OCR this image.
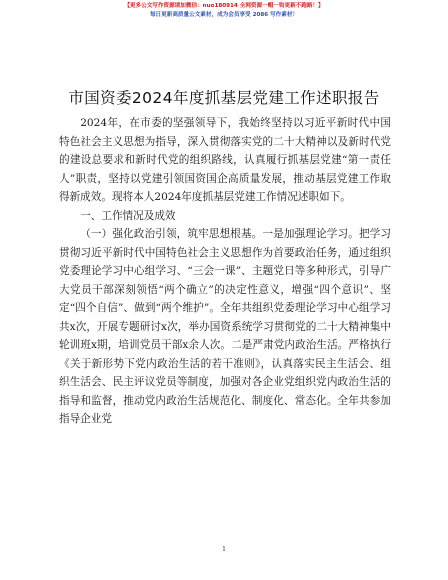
【更多公文写作资源请加微信：nuo180914 全网资源一帽一钩更新不跑路！】
每日更新高质量公文素材，成为会员享受 2086 写作素材！
市国资委2024年度抓基层党建工作述职报告

2024年，在市委的坚强领导下，我始终坚持以习近平新时代中国特色社会主义思想为指导，深入贯彻落实党的二十大精神以及新时代党的建设总要求和新时代党的组织路线，认真履行抓基层党建“第一责任人”职责，坚持以党建引领国资国企高质量发展，推动基层党建工作取得新成效。现将本人2024年度抓基层党建工作情况述职如下。

一、工作情况及成效

（一）强化政治引领，筑牢思想根基。一是加强理论学习。把学习贯彻习近平新时代中国特色社会主义思想作为首要政治任务，通过组织党委理论学习中心组学习、“三会一课”、主题党日等多种形式，引导广大党员干部深刻领悟“两个确立”的决定性意义，增强“四个意识”、坚定“四个自信”、做到“两个维护”。全年共组织党委理论学习中心组学习共x次，开展专题研讨x次，举办国资系统学习贯彻党的二十大精神集中轮训班x期，培训党员干部x余人次。二是严肃党内政治生活。严格执行《关于新形势下党内政治生活的若干准则》，认真落实民主生活会、组织生活会、民主评议党员等制度，加强对各企业党组织党内政治生活的指导和监督，推动党内政治生活规范化、制度化、常态化。全年共参加指导企业党

1
